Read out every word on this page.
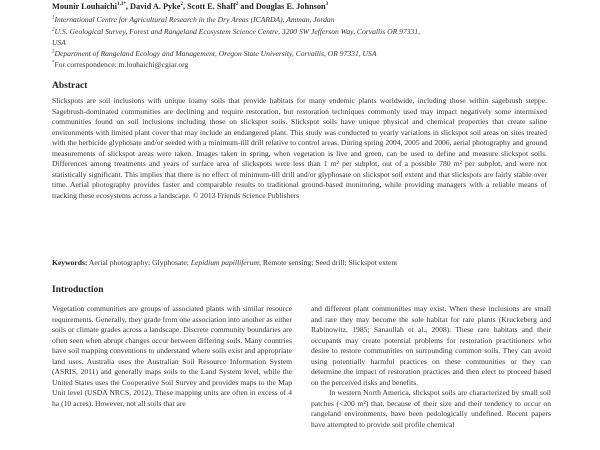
Mounir Louhaichi$^{1,3*}$, David A. Pyke$^2$, Scott E. Shaff$^2$ and Douglas E. Johnson$^3$
$^1$International Centre for Agricultural Research in the Dry Areas (ICARDA), Amman, Jordan
$^2$U.S. Geological Survey, Forest and Rangeland Ecosystem Science Centre, 3200 SW Jefferson Way, Corvallis OR 97331,
USA
$^3$Department of Rangeland Ecology and Management, Oregon State University, Corvallis, OR 97331, USA
*For correspondence: m.louhaichi@cgiar.org
Abstract
Slickspots are soil inclusions with unique loamy soils that provide habitats for many endemic plants worldwide, including those within sagebrush steppe. Sagebrush-dominated communities are declining and require restoration, but restoration techniques commonly used may impact negatively some intermixed communities found on soil inclusions including those on slickspot soils. Slickspot soils have unique physical and chemical properties that create saline environments with limited plant cover that may include an endangered plant. This study was conducted to yearly variations in slickspot soil areas on sites treated with the herbicide glyphosate and/or seeded with a minimum-till drill relative to control areas. During spring 2004, 2005 and 2006, aerial photography and ground measurements of slickspot areas were taken. Images taken in spring, when vegetation is live and green, can be used to define and measure slickspot soils. Differences among treatments and years of surface area of slickspots were less than 1 m² per subplot, out of a possible 780 m² per subplot, and were not statistically significant. This implies that there is no effect of minimum-till drill and/or glyphosate on slickspot soil extent and that slickspots are fairly stable over time. Aerial photography provides faster and comparable results to traditional ground-based monitoring, while providing managers with a reliable means of tracking these ecosystems across a landscape. © 2013 Friends Science Publishers
Keywords: Aerial photography; Glyphosate; Lepidium papilliferum; Remote sensing; Seed drill; Slickspot extent
Introduction
Vegetation communities are groups of associated plants with similar resource requirements. Generally, they grade from one association into another as either soils or climate grades across a landscape. Discrete community boundaries are often seen when abrupt changes occur between differing soils. Many countries have soil mapping conventions to understand where soils exist and appropriate land uses. Australia uses the Australian Soil Resource Information System (ASRIS, 2011) and generally maps soils to the Land System level, while the United States uses the Cooperative Soil Survey and provides maps to the Map Unit level (USDA NRCS, 2012). These mapping units are often in excess of 4 ha (10 acres). However, not all soils that are
and different plant communities may exist. When these inclusions are small and rare they may become the sole habitat for rare plants (Kruckeberg and Rabinowitz, 1985; Sanaullah et al., 2008). These rare habitats and their occupants may create potential problems for restoration practitioners who desire to restore communities on surrounding common soils. They can avoid using potentially harmful practices on these communities or they can determine the impact of restoration practices and then elect to proceed based on the perceived risks and benefits.
In western North America, slickspot soils are characterized by small soil patches (<200 m²) that, because of their size and their tendency to occur on rangeland environments, have been pedologically undefined. Recent papers have attempted to provide soil profile chemical
